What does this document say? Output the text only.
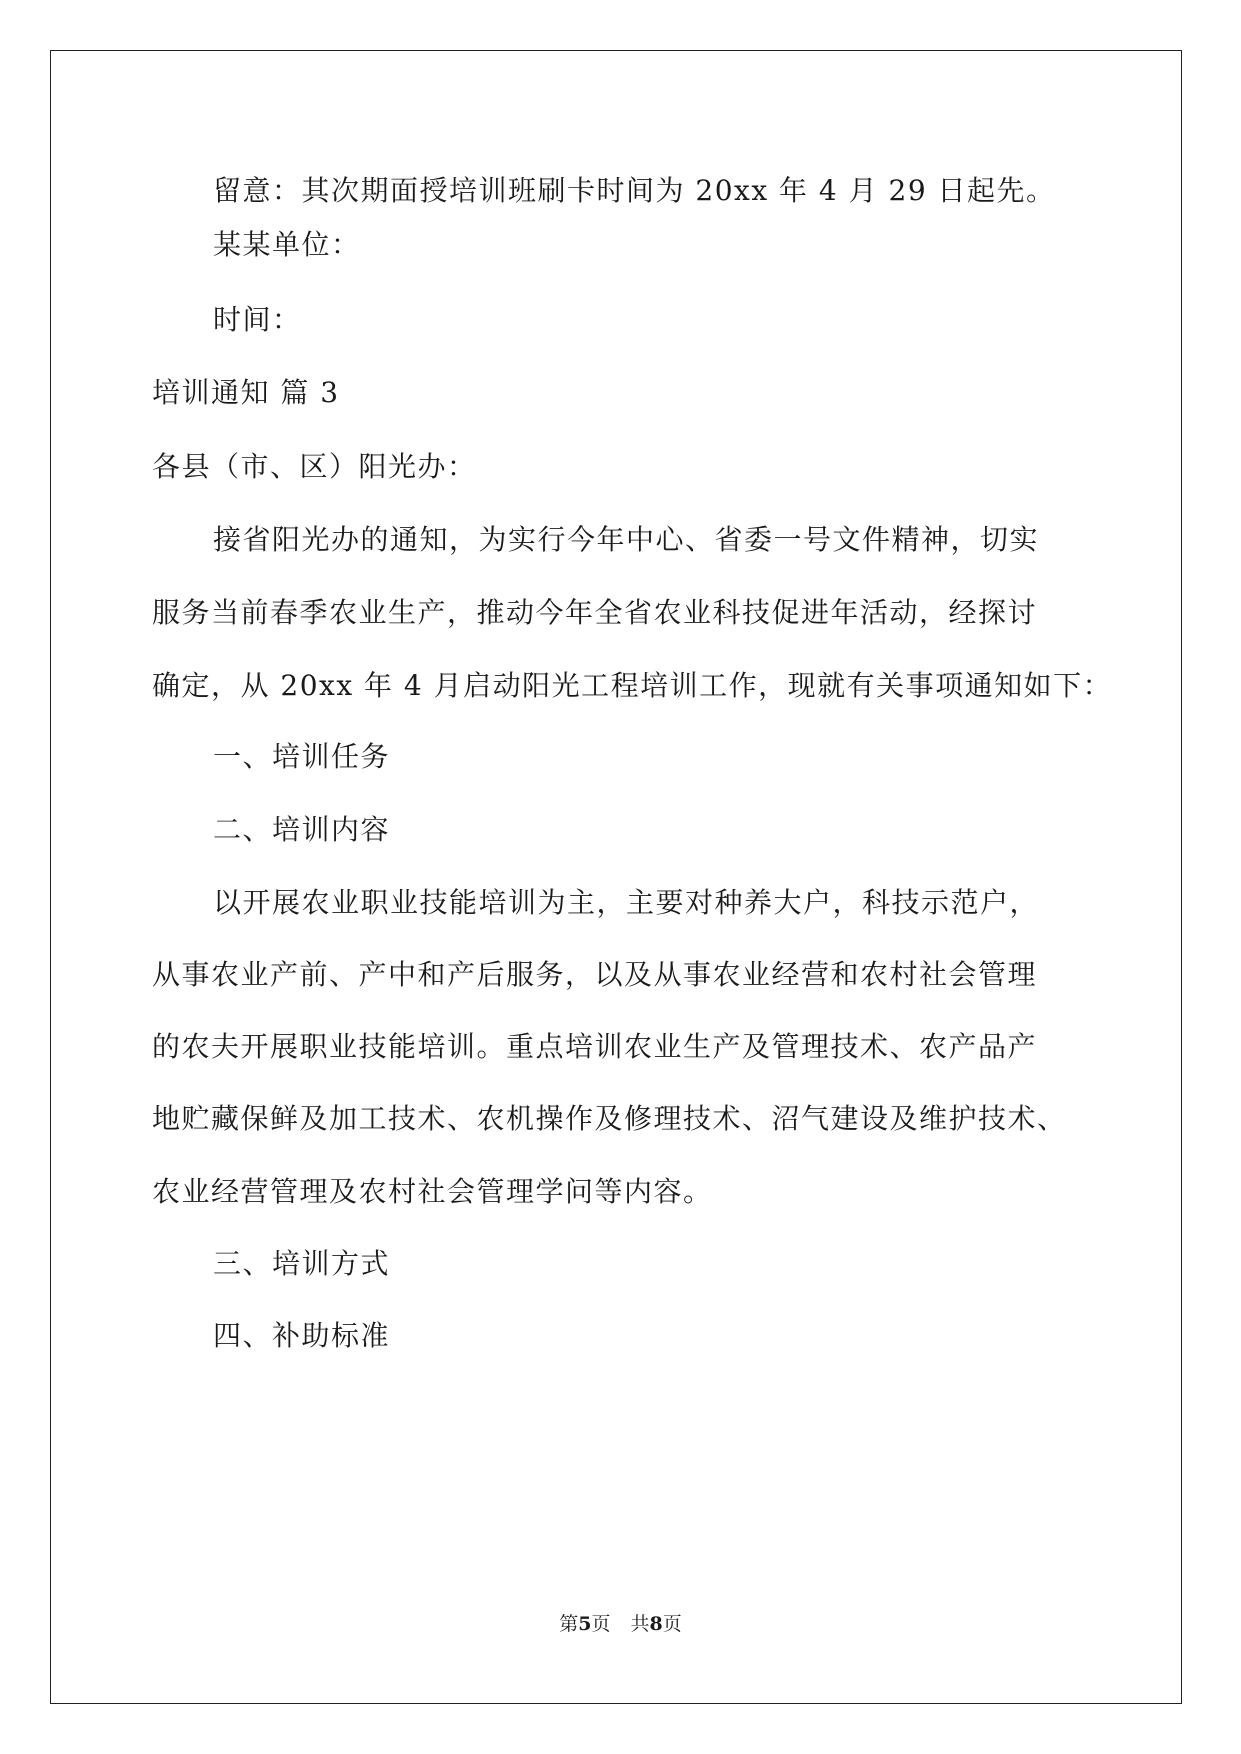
留意：其次期面授培训班刷卡时间为 20xx 年 4 月 29 日起先。
某某单位：
时间：
培训通知 篇 3
各县（市、区）阳光办：
接省阳光办的通知，为实行今年中心、省委一号文件精神，切实
服务当前春季农业生产，推动今年全省农业科技促进年活动，经探讨
确定，从 20xx 年 4 月启动阳光工程培训工作，现就有关事项通知如下：
一、培训任务
二、培训内容
以开展农业职业技能培训为主，主要对种养大户，科技示范户，
从事农业产前、产中和产后服务，以及从事农业经营和农村社会管理
的农夫开展职业技能培训。重点培训农业生产及管理技术、农产品产
地贮藏保鲜及加工技术、农机操作及修理技术、沼气建设及维护技术、
农业经营管理及农村社会管理学问等内容。
三、培训方式
四、补助标准
第5页 共8页
